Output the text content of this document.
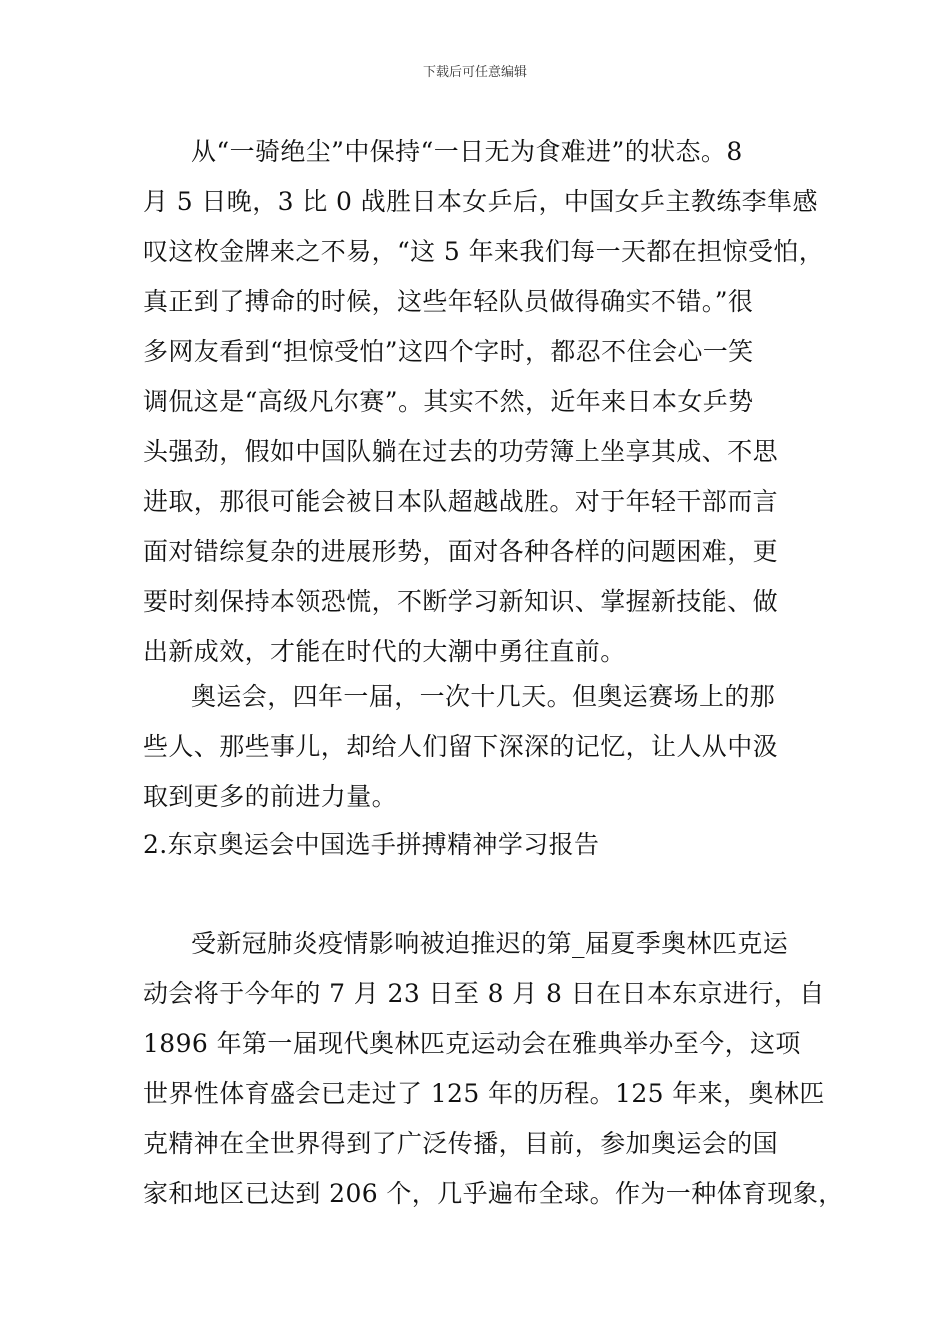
下载后可任意编辑
从“一骑绝尘”中保持“一日无为食难进”的状态。8
月 5 日晚，3 比 0 战胜日本女乒后，中国女乒主教练李隼感
叹这枚金牌来之不易，“这 5 年来我们每一天都在担惊受怕，
真正到了搏命的时候，这些年轻队员做得确实不错。”很
多网友看到“担惊受怕”这四个字时，都忍不住会心一笑
调侃这是“高级凡尔赛”。其实不然，近年来日本女乒势
头强劲，假如中国队躺在过去的功劳簿上坐享其成、不思
进取，那很可能会被日本队超越战胜。对于年轻干部而言
面对错综复杂的进展形势，面对各种各样的问题困难，更
要时刻保持本领恐慌，不断学习新知识、掌握新技能、做
出新成效，才能在时代的大潮中勇往直前。
奥运会，四年一届，一次十几天。但奥运赛场上的那
些人、那些事儿，却给人们留下深深的记忆，让人从中汲
取到更多的前进力量。
2.东京奥运会中国选手拼搏精神学习报告
受新冠肺炎疫情影响被迫推迟的第_届夏季奥林匹克运
动会将于今年的 7 月 23 日至 8 月 8 日在日本东京进行，自
1896 年第一届现代奥林匹克运动会在雅典举办至今，这项
世界性体育盛会已走过了 125 年的历程。125 年来，奥林匹
克精神在全世界得到了广泛传播，目前，参加奥运会的国
家和地区已达到 206 个，几乎遍布全球。作为一种体育现象，
